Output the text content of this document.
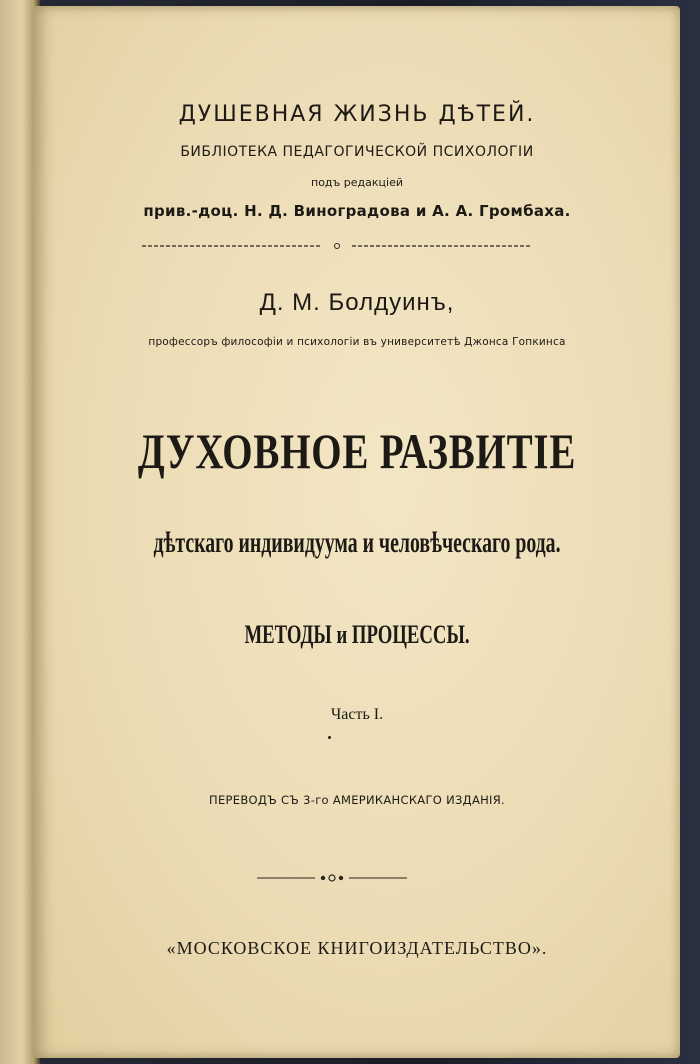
ДУШЕВНАЯ ЖИЗНЬ ДѢТЕЙ.
БИБЛІОТЕКА ПЕДАГОГИЧЕСКОЙ ПСИХОЛОГІИ
подъ редакціей
прив.-доц. Н. Д. Виноградова и А. А. Громбаха.
Д. М. Болдуинъ,
профессоръ философіи и психологіи въ университетѣ Джонса Гопкинса
ДУХОВНОЕ РАЗВИТІЕ
дѣтскаго индивидуума и человѣческаго рода.
МЕТОДЫ и ПРОЦЕССЫ.
Часть I.
ПЕРЕВОДЪ СЪ 3-го АМЕРИКАНСКАГО ИЗДАНІЯ.
«МОСКОВСКОЕ КНИГОИЗДАТЕЛЬСТВО».
